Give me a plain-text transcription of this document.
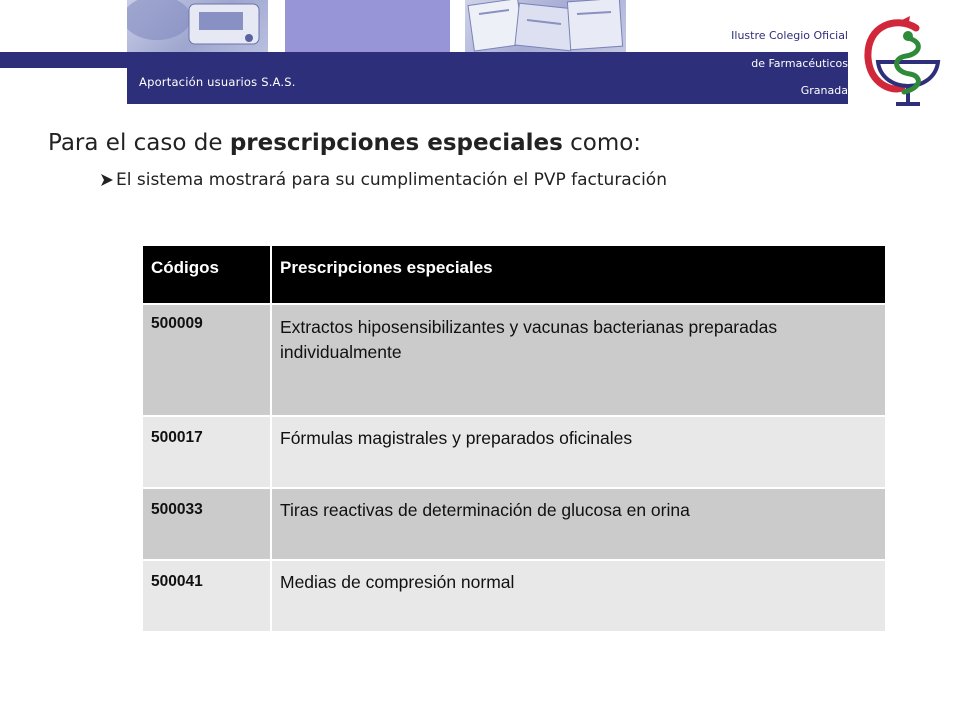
Aportación usuarios S.A.S.
Ilustre Colegio Oficial
de Farmacéuticos
Granada
Para el caso de prescripciones especiales como:
El sistema mostrará para su cumplimentación el PVP facturación
Códigos	Prescripciones especiales
500009	Extractos hiposensibilizantes y vacunas bacterianas preparadas individualmente
500017	Fórmulas magistrales y preparados oficinales
500033	Tiras reactivas de determinación de glucosa en orina
500041	Medias de compresión normal
